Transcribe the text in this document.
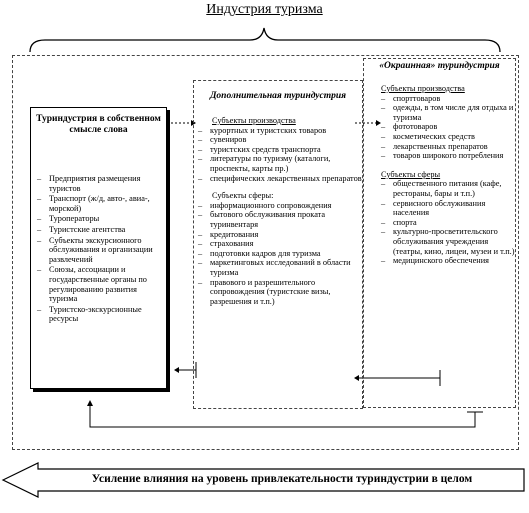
Индустрия туризма
«Окраинная» туриндустрия
Субъекты производства
– спорттоваров
– одежды, в том числе для отдыха и туризма
– фототоваров
– косметических средств
– лекарственных препаратов
– товаров широкого потребления
Субъекты сферы
– общественного питания (кафе, рестораны, бары и т.п.)
– сервисного обслуживания населения
– спорта
– культурно-просветительского обслуживания учреждения (театры, кино, лицеи, музеи и т.п.)
– медицинского обеспечения
Дополнительная туриндустрия
Субъекты производства
– курортных и туристских товаров
– сувениров
– туристских средств транспорта
– литературы по туризму (каталоги, проспекты, карты пр.)
– специфических лекарственных препаратов
Субъекты сферы:
– информационного сопровождения
– бытового обслуживания проката туринвентаря
– кредитования
– страхования
– подготовки кадров для туризма
– маркетинговых исследований в области туризма
– правового и разрешительного сопровождения (туристские визы, разрешения и т.п.)
Туриндустрия в собственном смысле слова
– Предприятия размещения туристов
– Транспорт (ж/д, авто-, авиа-, морской)
– Туроператоры
– Туристские агентства
– Субъекты экскурсионного обслуживания и организации развлечений
– Союзы, ассоциации и государственные органы по регулированию развития туризма
– Туристско-экскурсионные ресурсы
Усиление влияния на уровень привлекательности туриндустрии в целом
